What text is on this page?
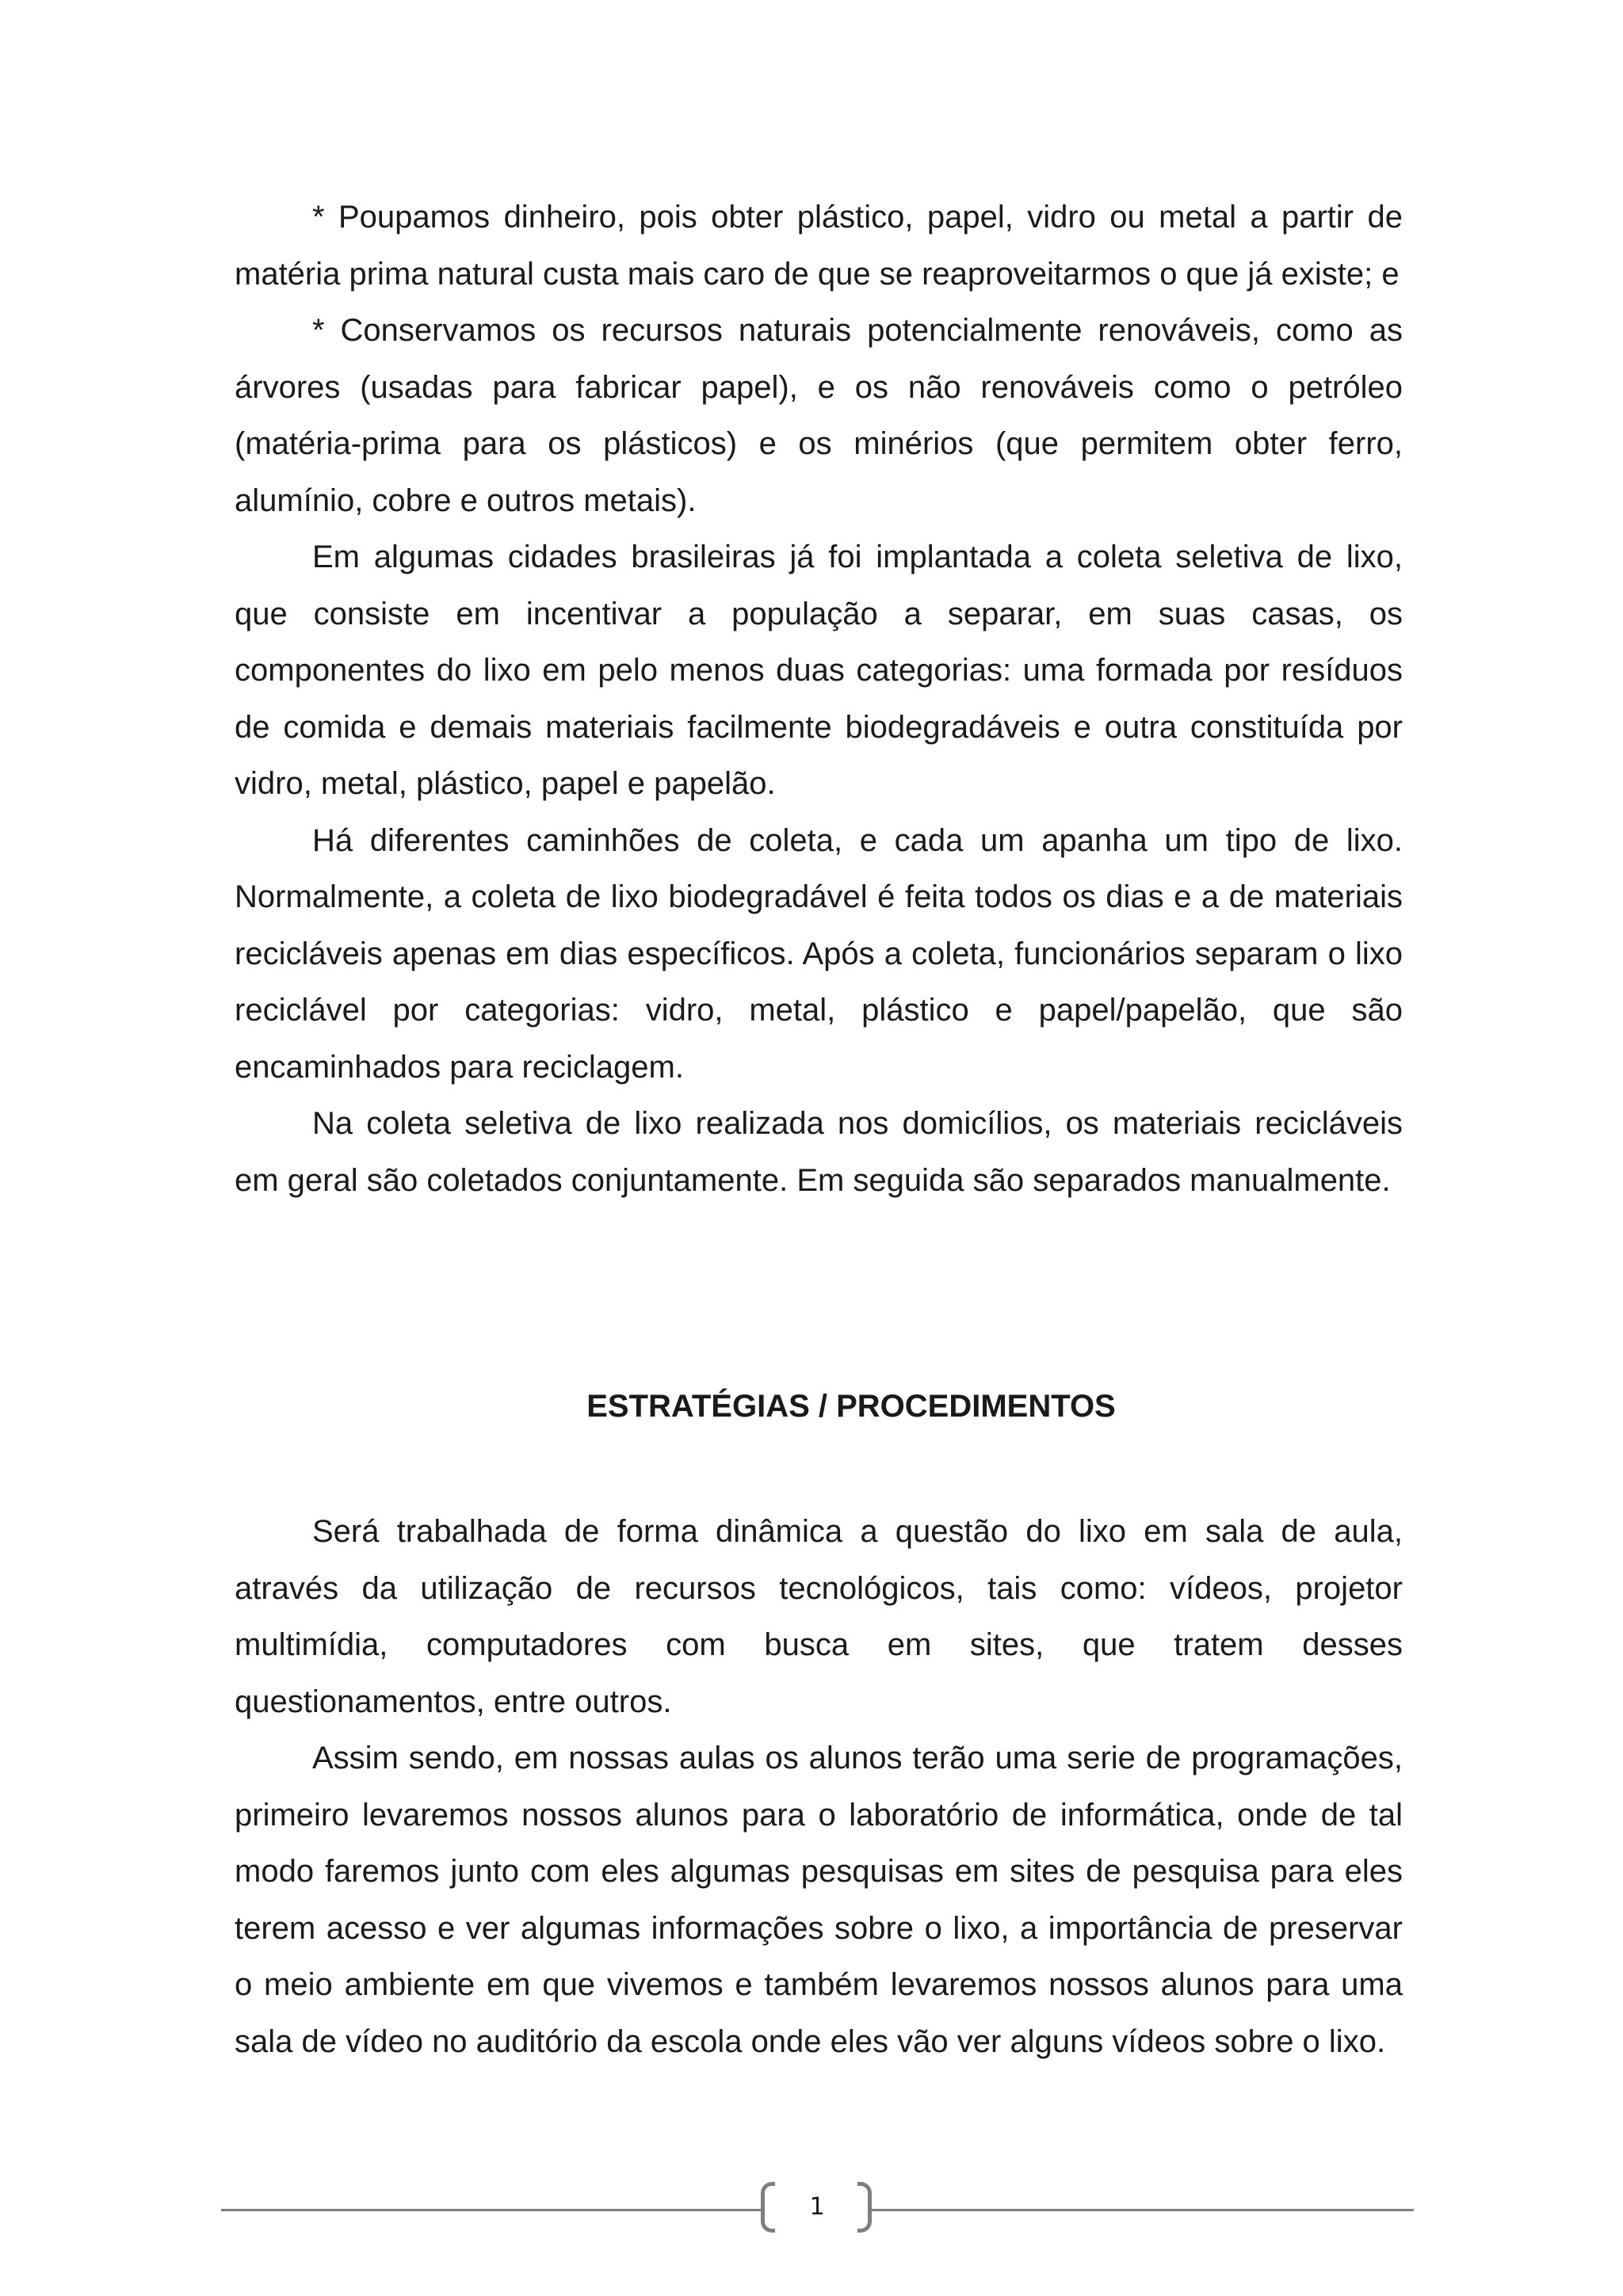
* Poupamos dinheiro, pois obter plástico, papel, vidro ou metal a partir de matéria prima natural custa mais caro de que se reaproveitarmos o que já existe; e

* Conservamos os recursos naturais potencialmente renováveis, como as árvores (usadas para fabricar papel), e os não renováveis como o petróleo (matéria-prima para os plásticos) e os minérios (que permitem obter ferro, alumínio, cobre e outros metais).

Em algumas cidades brasileiras já foi implantada a coleta seletiva de lixo, que consiste em incentivar a população a separar, em suas casas, os componentes do lixo em pelo menos duas categorias: uma formada por resíduos de comida e demais materiais facilmente biodegradáveis e outra constituída por vidro, metal, plástico, papel e papelão.

Há diferentes caminhões de coleta, e cada um apanha um tipo de lixo. Normalmente, a coleta de lixo biodegradável é feita todos os dias e a de materiais recicláveis apenas em dias específicos. Após a coleta, funcionários separam o lixo reciclável por categorias: vidro, metal, plástico e papel/papelão, que são encaminhados para reciclagem.

Na coleta seletiva de lixo realizada nos domicílios, os materiais recicláveis em geral são coletados conjuntamente. Em seguida são separados manualmente.

ESTRATÉGIAS / PROCEDIMENTOS

Será trabalhada de forma dinâmica a questão do lixo em sala de aula, através da utilização de recursos tecnológicos, tais como: vídeos, projetor multimídia, computadores com busca em sites, que tratem desses questionamentos, entre outros.

Assim sendo, em nossas aulas os alunos terão uma serie de programações, primeiro levaremos nossos alunos para o laboratório de informática, onde de tal modo faremos junto com eles algumas pesquisas em sites de pesquisa para eles terem acesso e ver algumas informações sobre o lixo, a importância de preservar o meio ambiente em que vivemos e também levaremos nossos alunos para uma sala de vídeo no auditório da escola onde eles vão ver alguns vídeos sobre o lixo.

1
